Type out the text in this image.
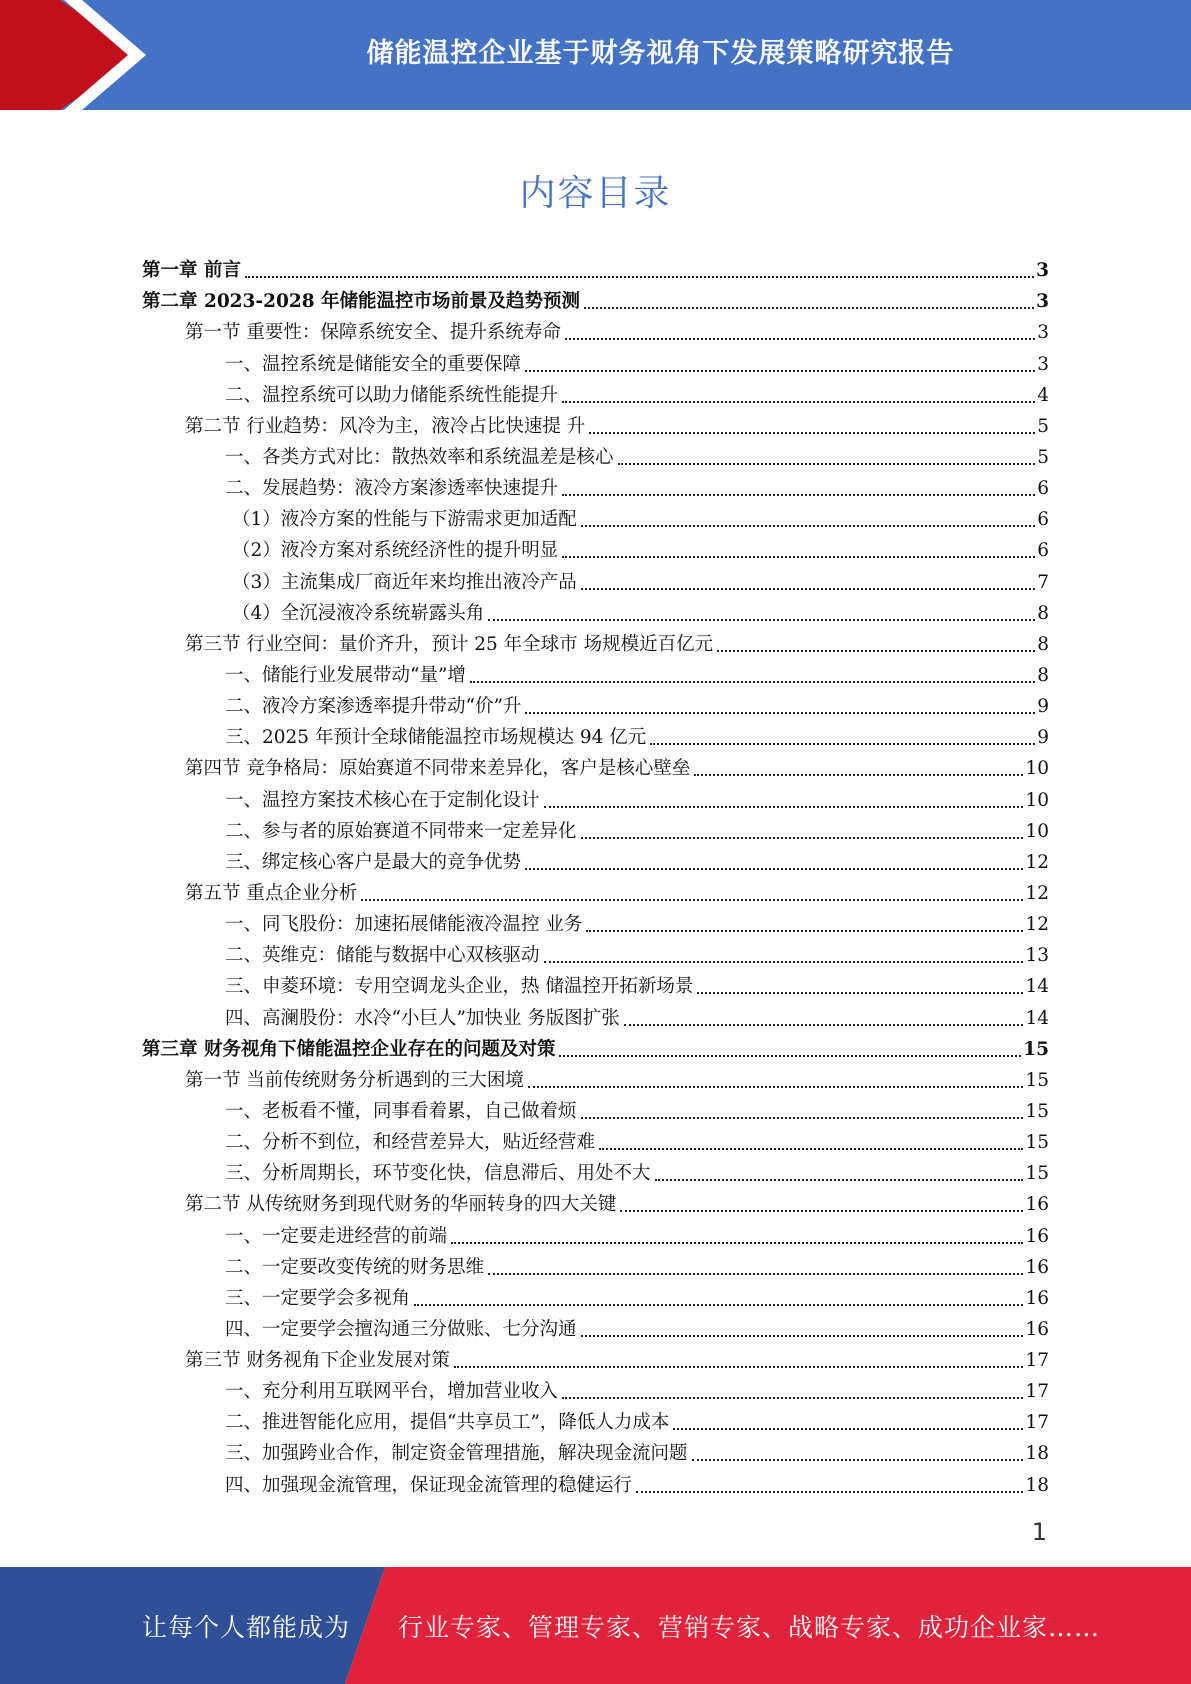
储能温控企业基于财务视角下发展策略研究报告
内容目录
第一章 前言	3
第二章 2023-2028 年储能温控市场前景及趋势预测	3
第一节 重要性：保障系统安全、提升系统寿命	3
一、温控系统是储能安全的重要保障	3
二、温控系统可以助力储能系统性能提升	4
第二节 行业趋势：风冷为主，液冷占比快速提 升	5
一、各类方式对比：散热效率和系统温差是核心	5
二、发展趋势：液冷方案渗透率快速提升	6
（1）液冷方案的性能与下游需求更加适配	6
（2）液冷方案对系统经济性的提升明显	6
（3）主流集成厂商近年来均推出液冷产品	7
（4）全沉浸液冷系统崭露头角	8
第三节 行业空间：量价齐升，预计 25 年全球市 场规模近百亿元	8
一、储能行业发展带动“量”增	8
二、液冷方案渗透率提升带动“价”升	9
三、2025 年预计全球储能温控市场规模达 94 亿元	9
第四节 竞争格局：原始赛道不同带来差异化，客户是核心壁垒	10
一、温控方案技术核心在于定制化设计	10
二、参与者的原始赛道不同带来一定差异化	10
三、绑定核心客户是最大的竞争优势	12
第五节 重点企业分析	12
一、同飞股份：加速拓展储能液冷温控 业务	12
二、英维克：储能与数据中心双核驱动	13
三、申菱环境：专用空调龙头企业，热 储温控开拓新场景	14
四、高澜股份：水冷“小巨人”加快业 务版图扩张	14
第三章 财务视角下储能温控企业存在的问题及对策	15
第一节 当前传统财务分析遇到的三大困境	15
一、老板看不懂，同事看着累，自己做着烦	15
二、分析不到位，和经营差异大，贴近经营难	15
三、分析周期长，环节变化快，信息滞后、用处不大	15
第二节 从传统财务到现代财务的华丽转身的四大关键	16
一、一定要走进经营的前端	16
二、一定要改变传统的财务思维	16
三、一定要学会多视角	16
四、一定要学会擅沟通三分做账、七分沟通	16
第三节 财务视角下企业发展对策	17
一、充分利用互联网平台，增加营业收入	17
二、推进智能化应用，提倡“共享员工”，降低人力成本	17
三、加强跨业合作，制定资金管理措施，解决现金流问题	18
四、加强现金流管理，保证现金流管理的稳健运行	18
1
让每个人都能成为 行业专家、管理专家、营销专家、战略专家、成功企业家……
